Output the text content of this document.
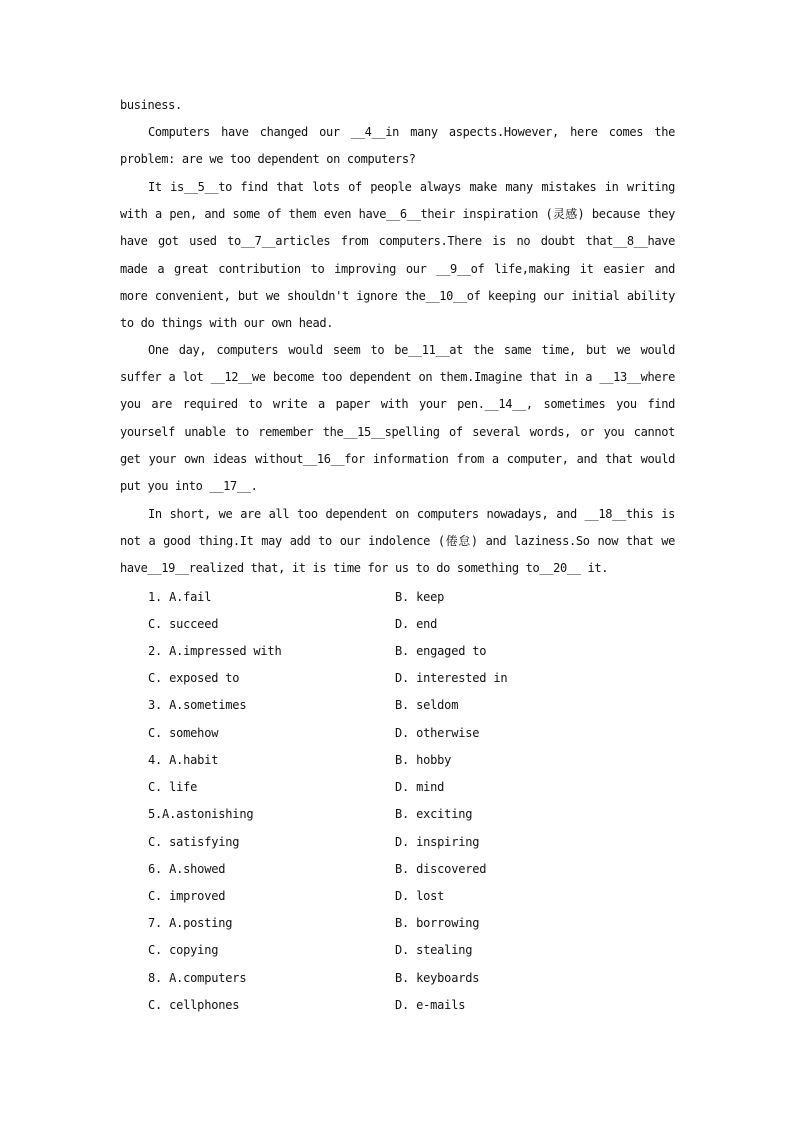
business.

Computers have changed our __4__in many aspects.However, here comes the problem: are we too dependent on computers?

It is__5__to find that lots of people always make many mistakes in writing with a pen, and some of them even have__6__their inspiration (灵感) because they have got used to__7__articles from computers.There is no doubt that__8__have made a great contribution to improving our __9__of life,making it easier and more convenient, but we shouldn't ignore the__10__of keeping our initial ability to do things with our own head.

One day, computers would seem to be__11__at the same time, but we would suffer a lot __12__we become too dependent on them.Imagine that in a __13__where you are required to write a paper with your pen.__14__, sometimes you find yourself unable to remember the__15__spelling of several words, or you cannot get your own ideas without__16__for information from a computer, and that would put you into __17__.

In short, we are all too dependent on computers nowadays, and __18__this is not a good thing.It may add to our indolence (倦怠) and laziness.So now that we have__19__realized that, it is time for us to do something to__20__ it.

1. A.fail	B. keep
C. succeed	D. end
2. A.impressed with	B. engaged to
C. exposed to	D. interested in
3. A.sometimes	B. seldom
C. somehow	D. otherwise
4. A.habit	B. hobby
C. life	D. mind
5.A.astonishing	B. exciting
C. satisfying	D. inspiring
6. A.showed	B. discovered
C. improved	D. lost
7. A.posting	B. borrowing
C. copying	D. stealing
8. A.computers	B. keyboards
C. cellphones	D. e-mails
